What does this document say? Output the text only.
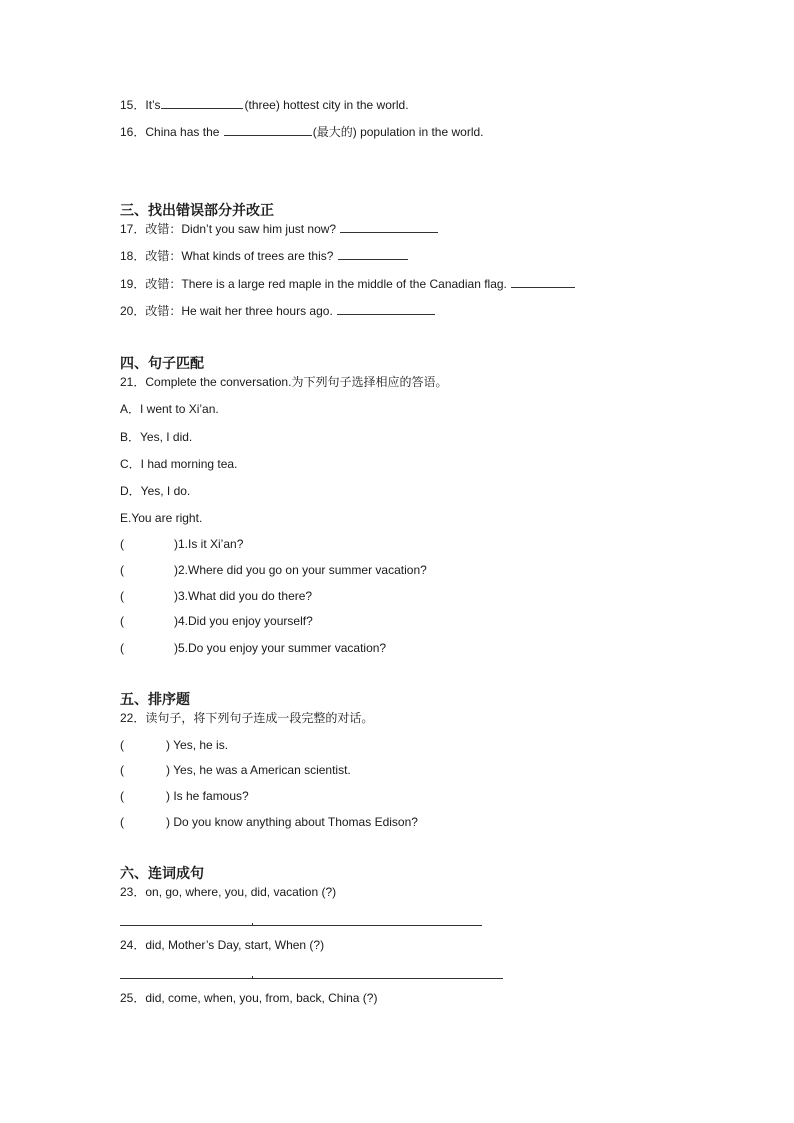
15．It’s	(three) hottest city in the world.
16．China has the	(最大的) population in the world.
三、找出错误部分并改正
17．改错：Didn’t you saw him just now?
18．改错：What kinds of trees are this?
19．改错：There is a large red maple in the middle of the Canadian flag.
20．改错：He wait her three hours ago.
四、句子匹配
21．Complete the conversation.为下列句子选择相应的答语。
A．I went to Xi’an.
B．Yes, I did.
C．I had morning tea.
D．Yes, I do.
E.You are right.
(	)1.Is it Xi’an?
(	)2.Where did you go on your summer vacation?
(	)3.What did you do there?
(	)4.Did you enjoy yourself?
(	)5.Do you enjoy your summer vacation?
五、排序题
22．读句子，将下列句子连成一段完整的对话。
(	) Yes, he is.
(	) Yes, he was a American scientist.
(	) Is he famous?
(	) Do you know anything about Thomas Edison?
六、连词成句
23．on, go, where, you, did, vacation (?)
24．did, Mother’s Day, start, When (?)
25．did, come, when, you, from, back, China (?)
